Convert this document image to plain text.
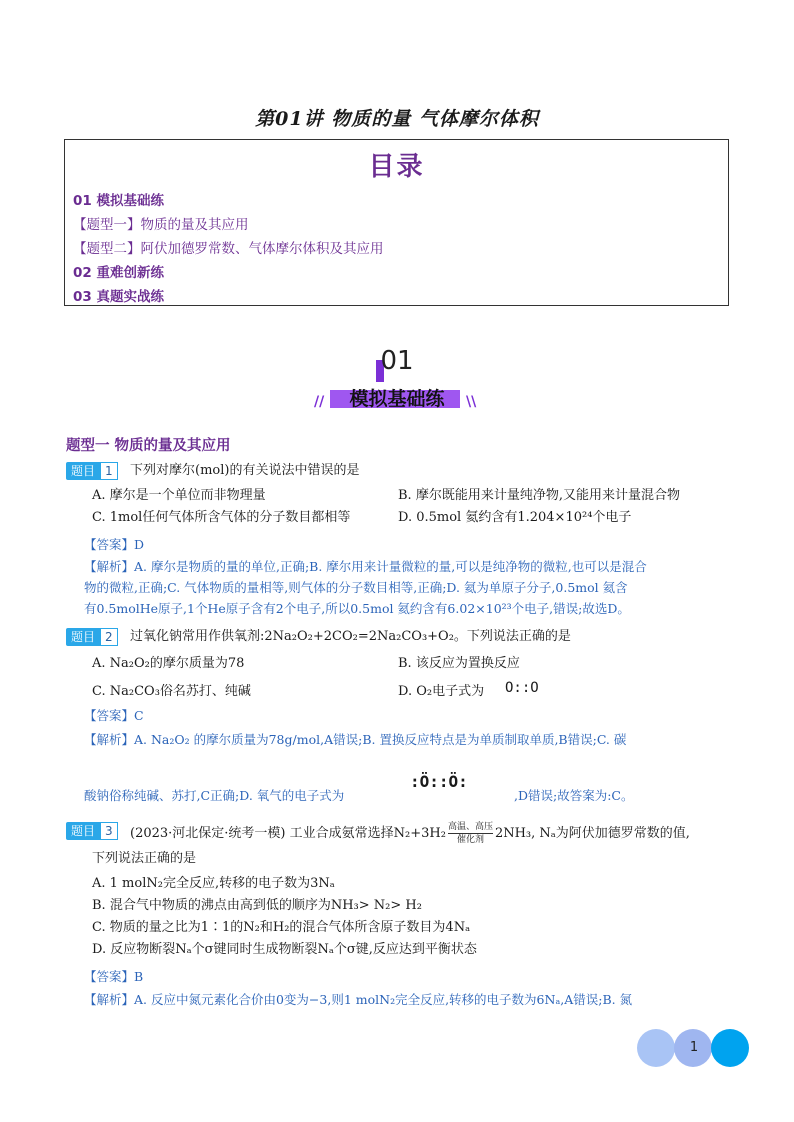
第01讲 物质的量 气体摩尔体积
目录
01 模拟基础练
【题型一】物质的量及其应用
【题型二】阿伏加德罗常数、气体摩尔体积及其应用
02 重难创新练
03 真题实战练
01
模拟基础练
//	\\
题型一 物质的量及其应用
题目 1	下列对摩尔(mol)的有关说法中错误的是
A. 摩尔是一个单位而非物理量	B. 摩尔既能用来计量纯净物,又能用来计量混合物
C. 1mol任何气体所含气体的分子数目都相等	D. 0.5mol 氦约含有1.204×10²⁴个电子
【答案】D
【解析】A. 摩尔是物质的量的单位,正确;B. 摩尔用来计量微粒的量,可以是纯净物的微粒,也可以是混合
物的微粒,正确;C. 气体物质的量相等,则气体的分子数目相等,正确;D. 氦为单原子分子,0.5mol 氦含
有0.5molHe原子,1个He原子含有2个电子,所以0.5mol 氦约含有6.02×10²³个电子,错误;故选D。
题目 2	过氧化钠常用作供氧剂:2Na₂O₂+2CO₂=2Na₂CO₃+O₂。下列说法正确的是
A. Na₂O₂的摩尔质量为78	B. 该反应为置换反应
C. Na₂CO₃俗名苏打、纯碱	D. O₂电子式为 O::O
【答案】C
【解析】A. Na₂O₂ 的摩尔质量为78g/mol,A错误;B. 置换反应特点是为单质制取单质,B错误;C. 碳
酸钠俗称纯碱、苏打,C正确;D. 氧气的电子式为
:Ö::Ö:
,D错误;故答案为:C。
题目 3	(2023·河北保定·统考一模) 工业合成氨常选择$N_2+3H_2 \frac{\text{高温、高压}}{\text{催化剂}} 2NH_3$, Nₐ为阿伏加德罗常数的值,
下列说法正确的是
A. 1 molN₂完全反应,转移的电子数为3Nₐ
B. 混合气中物质的沸点由高到低的顺序为NH₃> N₂> H₂
C. 物质的量之比为1∶1的N₂和H₂的混合气体所含原子数目为4Nₐ
D. 反应物断裂Nₐ个σ键同时生成物断裂Nₐ个σ键,反应达到平衡状态
【答案】B
【解析】A. 反应中氮元素化合价由0变为−3,则1 molN₂完全反应,转移的电子数为6Nₐ,A错误;B. 氮
1
